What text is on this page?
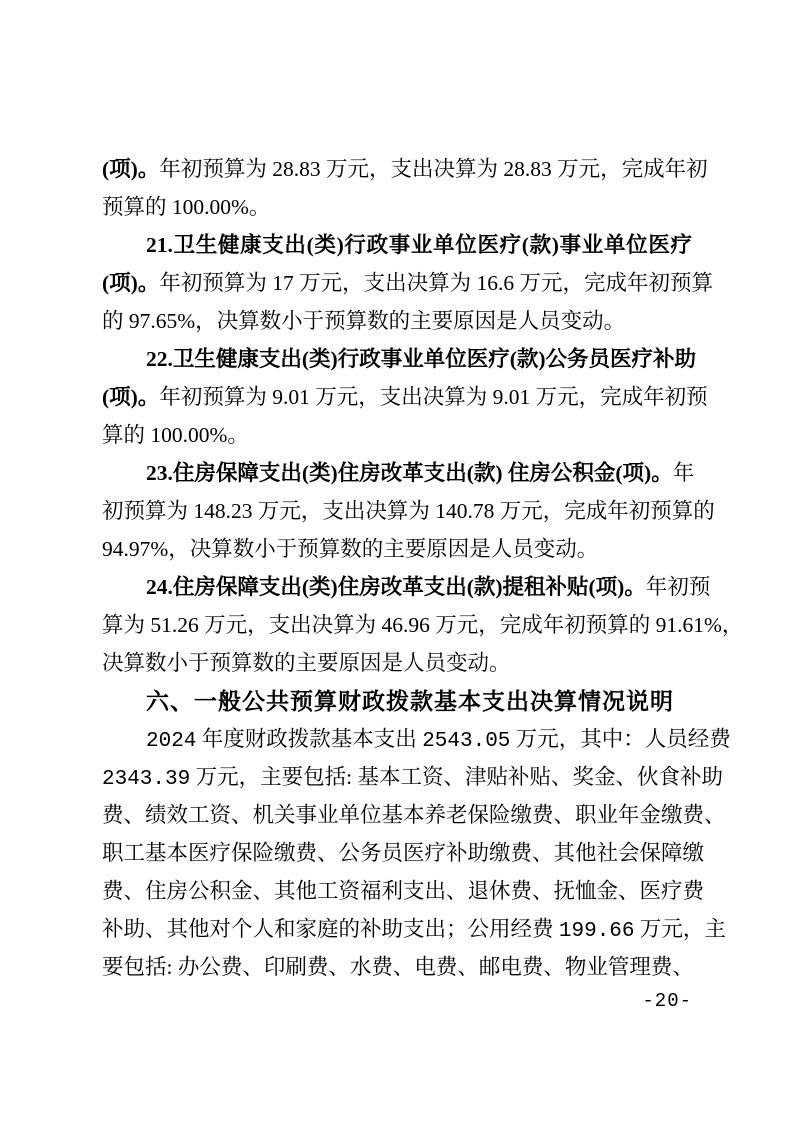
(项)。年初预算为 28.83 万元，支出决算为 28.83 万元，完成年初
预算的 100.00%。
21.卫生健康支出(类)行政事业单位医疗(款)事业单位医疗
(项)。年初预算为 17 万元，支出决算为 16.6 万元，完成年初预算
的 97.65%，决算数小于预算数的主要原因是人员变动。
22.卫生健康支出(类)行政事业单位医疗(款)公务员医疗补助
(项)。年初预算为 9.01 万元，支出决算为 9.01 万元，完成年初预
算的 100.00%。
23.住房保障支出(类)住房改革支出(款) 住房公积金(项)。年
初预算为 148.23 万元，支出决算为 140.78 万元，完成年初预算的
94.97%，决算数小于预算数的主要原因是人员变动。
24.住房保障支出(类)住房改革支出(款)提租补贴(项)。年初预
算为 51.26 万元，支出决算为 46.96 万元，完成年初预算的 91.61%，
决算数小于预算数的主要原因是人员变动。
六、一般公共预算财政拨款基本支出决算情况说明
2024 年度财政拨款基本支出 2543.05 万元，其中：人员经费
2343.39 万元，主要包括: 基本工资、津贴补贴、奖金、伙食补助
费、绩效工资、机关事业单位基本养老保险缴费、职业年金缴费、
职工基本医疗保险缴费、公务员医疗补助缴费、其他社会保障缴
费、住房公积金、其他工资福利支出、退休费、抚恤金、医疗费
补助、其他对个人和家庭的补助支出；公用经费 199.66 万元，主
要包括: 办公费、印刷费、水费、电费、邮电费、物业管理费、
-20-
